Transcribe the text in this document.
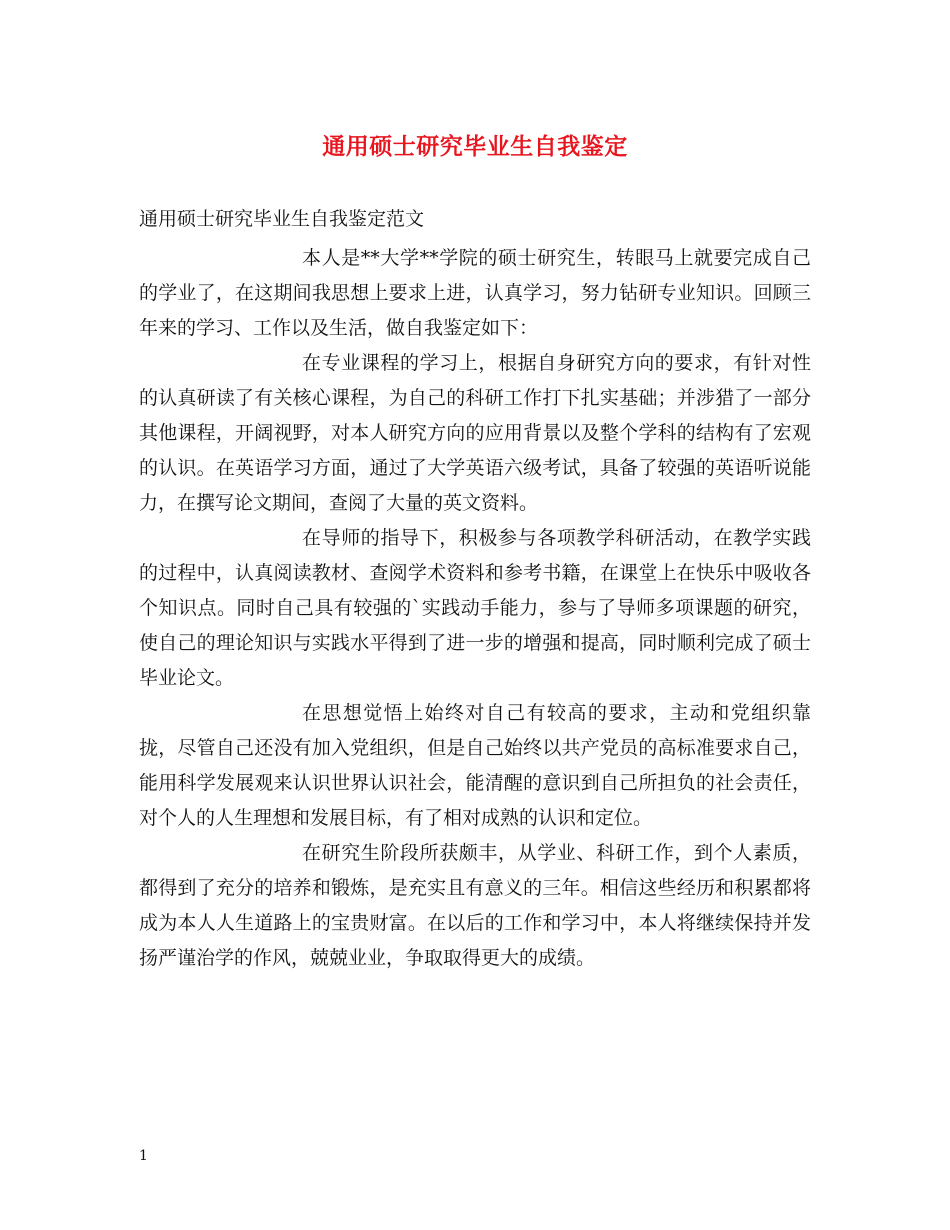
通用硕士研究毕业生自我鉴定
通用硕士研究毕业生自我鉴定范文

本人是**大学**学院的硕士研究生，转眼马上就要完成自己的学业了，在这期间我思想上要求上进，认真学习，努力钻研专业知识。回顾三年来的学习、工作以及生活，做自我鉴定如下：

在专业课程的学习上，根据自身研究方向的要求，有针对性的认真研读了有关核心课程，为自己的科研工作打下扎实基础；并涉猎了一部分其他课程，开阔视野，对本人研究方向的应用背景以及整个学科的结构有了宏观的认识。在英语学习方面，通过了大学英语六级考试，具备了较强的英语听说能力，在撰写论文期间，查阅了大量的英文资料。

在导师的指导下，积极参与各项教学科研活动，在教学实践的过程中，认真阅读教材、查阅学术资料和参考书籍，在课堂上在快乐中吸收各个知识点。同时自己具有较强的`实践动手能力，参与了导师多项课题的研究，使自己的理论知识与实践水平得到了进一步的增强和提高，同时顺利完成了硕士毕业论文。

在思想觉悟上始终对自己有较高的要求，主动和党组织靠拢，尽管自己还没有加入党组织，但是自己始终以共产党员的高标准要求自己，能用科学发展观来认识世界认识社会，能清醒的意识到自己所担负的社会责任，对个人的人生理想和发展目标，有了相对成熟的认识和定位。

在研究生阶段所获颇丰，从学业、科研工作，到个人素质，都得到了充分的培养和锻炼，是充实且有意义的三年。相信这些经历和积累都将成为本人人生道路上的宝贵财富。在以后的工作和学习中，本人将继续保持并发扬严谨治学的作风，兢兢业业，争取取得更大的成绩。

1
